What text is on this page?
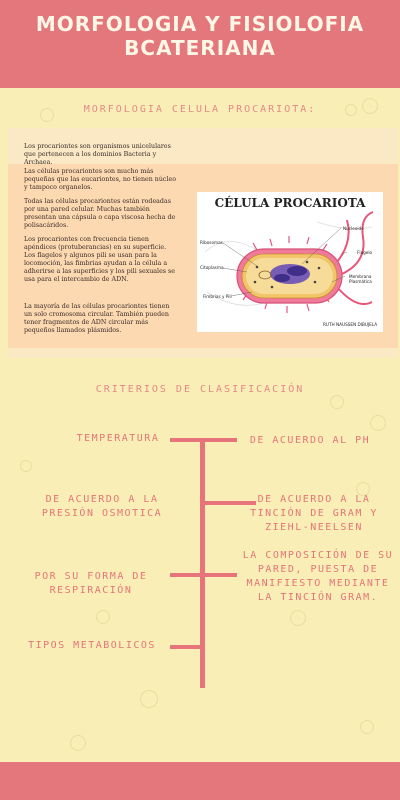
MORFOLOGIA Y FISIOLOFIA
BCATERIANA
MORFOLOGIA CELULA PROCARIOTA:
Los procariontes son organismos unicelulares que pertenecen a los dominios Bacteria y Archaea.
Las células procariontes son mucho más pequeñas que las eucariontes, no tienen núcleo y tampoco organelos.
Todas las células procariontes están rodeadas por una pared celular. Muchas también presentan una cápsula o capa viscosa hecha de polisacáridos.
Los procariontes con frecuencia tienen apéndices (protuberancias) en su superficie. Los flagelos y algunos pili se usan para la locomoción, las fimbrias ayudan a la célula a adherirse a las superficies y los pili sexuales se usa para el intercambio de ADN.
La mayoría de las células procariontes tienen un solo cromosoma circular. También pueden tener fragmentos de ADN circular más pequeños llamados plásmidos.
CÉLULA PROCARIOTA
Ribosomas
Citoplasma
Fimbrias y Pili
Nucleoide
Flagelo
Membrana Plasmática
RUTH NAUSSEN DIBUJELA
CRITERIOS DE CLASIFICACIÓN
TEMPERATURA
DE ACUERDO A LA PRESIÓN OSMOTICA
POR SU FORMA DE RESPIRACIÓN
TIPOS METABOLICOS
DE ACUERDO AL PH
DE ACUERDO A LA TINCIÓN DE GRAM Y ZIEHL-NEELSEN
LA COMPOSICIÓN DE SU PARED, PUESTA DE MANIFIESTO MEDIANTE LA TINCIÓN GRAM.
